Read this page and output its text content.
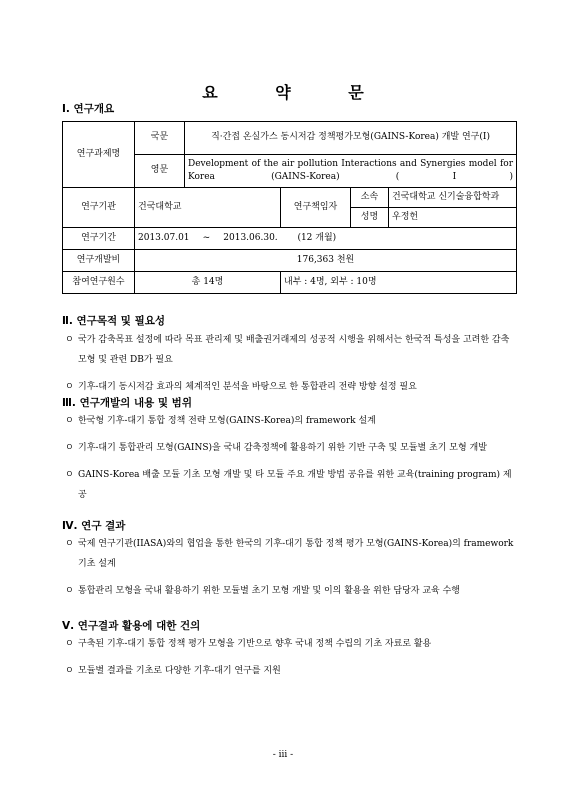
요 약 문
Ⅰ. 연구개요
연구과제명	국문	직·간접 온실가스 동시저감 정책평가모형(GAINS-Korea) 개발 연구(Ⅰ)			
	영문	Development of the air pollution Interactions and Synergies model for Korea (GAINS-Korea) (Ⅰ)			
연구기관	건국대학교		연구책임자	소속	건국대학교 신기술융합학과
				성명	우정헌
연구기간	2013.07.01 ~ 2013.06.30. (12 개월)				
연구개발비	176,363 천원				
참여연구원수	총 14명		내부 : 4명, 외부 : 10명		
Ⅱ. 연구목적 및 필요성

ㅇ 국가 감축목표 설정에 따라 목표 관리제 및 배출권거래제의 성공적 시행을 위해서는 한국적 특성을 고려한 감축 모형 및 관련 DB가 필요

ㅇ 기후-대기 동시저감 효과의 체계적인 분석을 바탕으로 한 통합관리 전략 방향 설정 필요

Ⅲ. 연구개발의 내용 및 범위

ㅇ 한국형 기후-대기 통합 정책 전략 모형(GAINS-Korea)의 framework 설계

ㅇ 기후-대기 통합관리 모형(GAINS)을 국내 감축정책에 활용하기 위한 기반 구축 및 모듈별 초기 모형 개발

ㅇ GAINS-Korea 배출 모듈 기초 모형 개발 및 타 모듈 주요 개발 방법 공유를 위한 교육(training program) 제공

Ⅳ. 연구 결과

ㅇ 국제 연구기관(IIASA)와의 협업을 통한 한국의 기후-대기 통합 정책 평가 모형(GAINS-Korea)의 framework 기초 설계

ㅇ 통합관리 모형을 국내 활용하기 위한 모듈별 초기 모형 개발 및 이의 활용을 위한 담당자 교육 수행

Ⅴ. 연구결과 활용에 대한 건의

ㅇ 구축된 기후-대기 통합 정책 평가 모형을 기반으로 향후 국내 정책 수립의 기초 자료로 활용

ㅇ 모듈별 결과를 기초로 다양한 기후-대기 연구를 지원

- iii -
